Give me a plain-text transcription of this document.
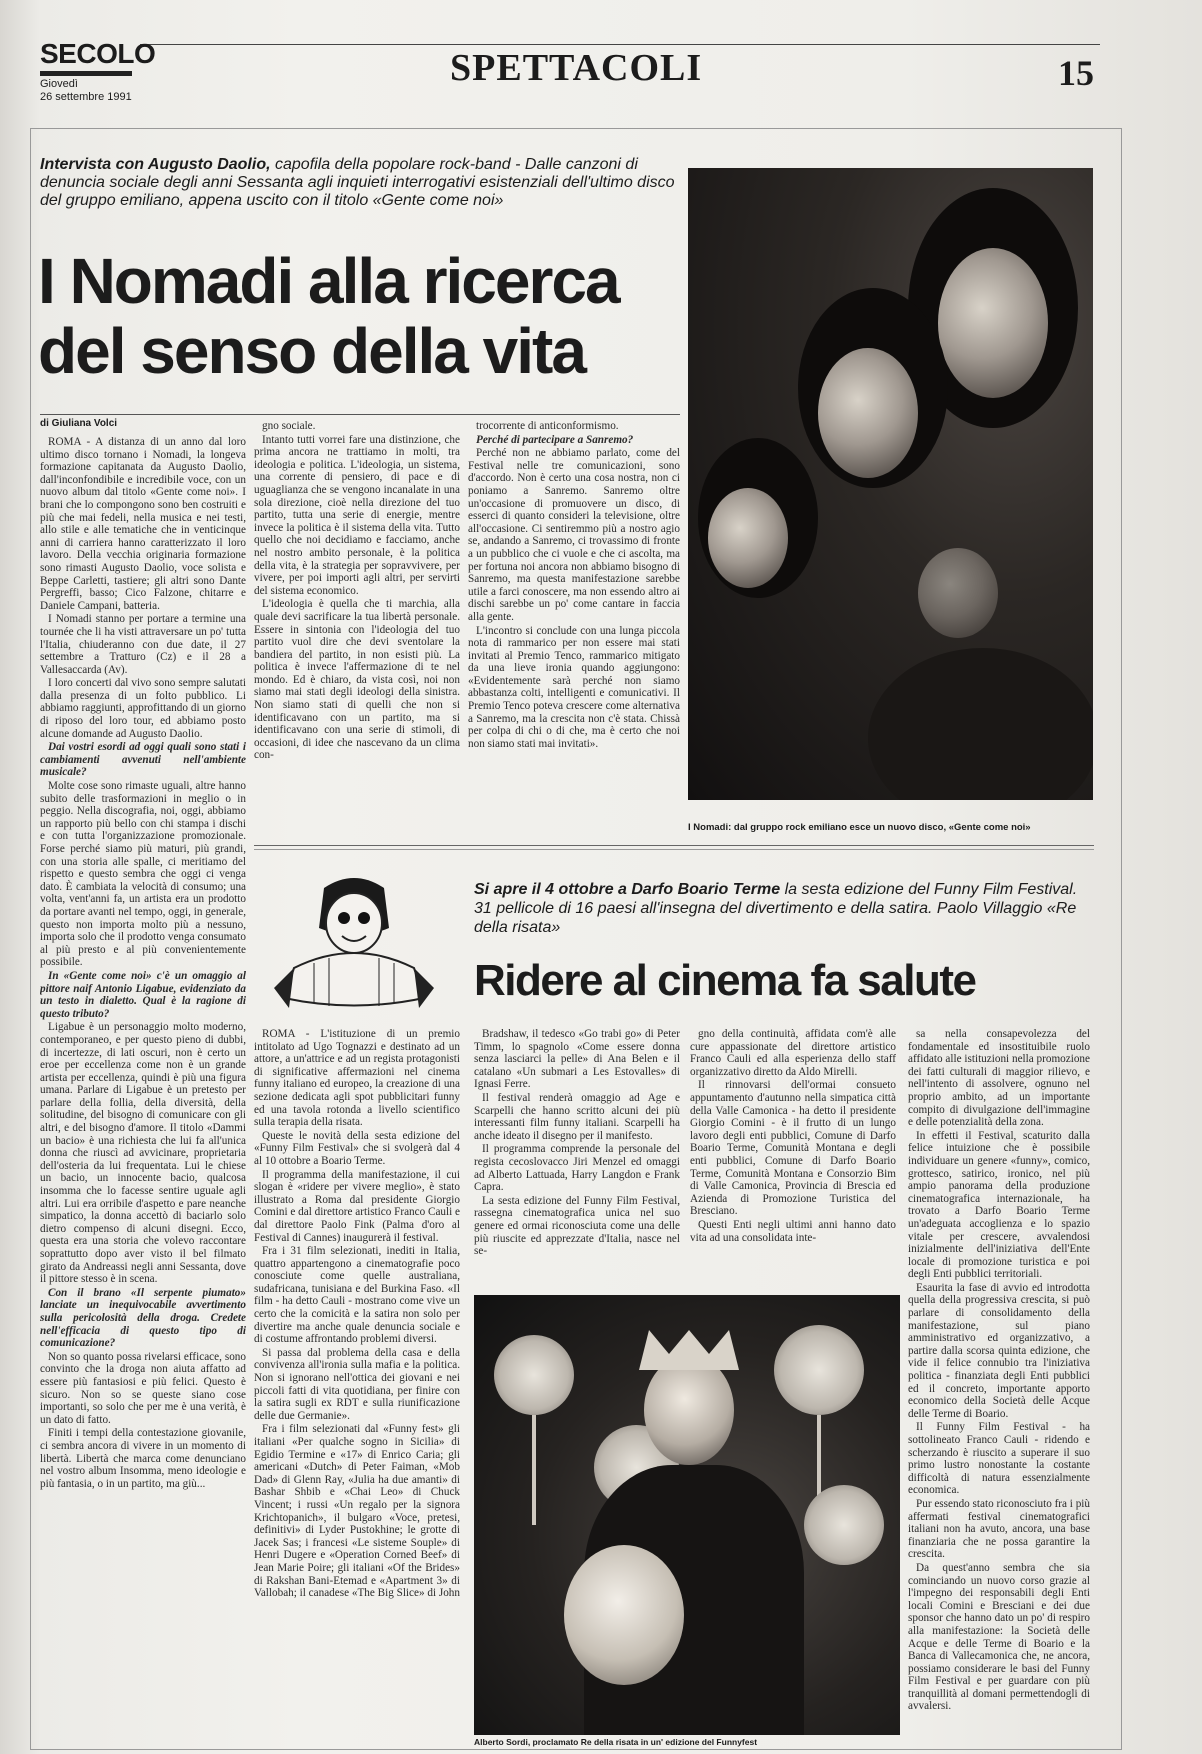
SECOLO
Giovedì
26 settembre 1991
SPETTACOLI	15
Intervista con Augusto Daolio, capofila della popolare rock-band - Dalle canzoni di denuncia sociale degli anni Sessanta agli inquieti interrogativi esistenziali dell'ultimo disco del gruppo emiliano, appena uscito con il titolo «Gente come noi»
I Nomadi alla ricerca
del senso della vita
di Giuliana Volci

ROMA - A distanza di un anno dal loro ultimo disco tornano i Nomadi, la longeva formazione capitanata da Augusto Daolio, dall'inconfondibile e incredibile voce, con un nuovo album dal titolo «Gente come noi». I brani che lo compongono sono ben costruiti e più che mai fedeli, nella musica e nei testi, allo stile e alle tematiche che in venticinque anni di carriera hanno caratterizzato il loro lavoro. Della vecchia originaria formazione sono rimasti Augusto Daolio, voce solista e Beppe Carletti, tastiere; gli altri sono Dante Pergreffi, basso; Cico Falzone, chitarre e Daniele Campani, batteria.

I Nomadi stanno per portare a termine una tournée che li ha visti attraversare un po' tutta l'Italia, chiuderanno con due date, il 27 settembre a Tratturo (Cz) e il 28 a Vallesaccarda (Av).

I loro concerti dal vivo sono sempre salutati dalla presenza di un folto pubblico. Li abbiamo raggiunti, approfittando di un giorno di riposo del loro tour, ed abbiamo posto alcune domande ad Augusto Daolio.

Dai vostri esordi ad oggi quali sono stati i cambiamenti avvenuti nell'ambiente musicale?

Molte cose sono rimaste uguali, altre hanno subito delle trasformazioni in meglio o in peggio. Nella discografia, noi, oggi, abbiamo un rapporto più bello con chi stampa i dischi e con tutta l'organizzazione promozionale. Forse perché siamo più maturi, più grandi, con una storia alle spalle, ci meritiamo del rispetto e questo sembra che oggi ci venga dato. È cambiata la velocità di consumo; una volta, vent'anni fa, un artista era un prodotto da portare avanti nel tempo, oggi, in generale, questo non importa molto più a nessuno, importa solo che il prodotto venga consumato al più presto e al più convenientemente possibile.

In «Gente come noi» c'è un omaggio al pittore naif Antonio Ligabue, evidenziato da un testo in dialetto. Qual è la ragione di questo tributo?

Ligabue è un personaggio molto moderno, contemporaneo, e per questo pieno di dubbi, di incertezze, di lati oscuri, non è certo un eroe per eccellenza come non è un grande artista per eccellenza, quindi è più una figura umana. Parlare di Ligabue è un pretesto per parlare della follia, della diversità, della solitudine, del bisogno di comunicare con gli altri, e del bisogno d'amore. Il titolo «Dammi un bacio» è una richiesta che lui fa all'unica donna che riuscì ad avvicinare, proprietaria dell'osteria da lui frequentata. Lui le chiese un bacio, un innocente bacio, qualcosa insomma che lo facesse sentire uguale agli altri. Lui era orribile d'aspetto e pare neanche simpatico, la donna accettò di baciarlo solo dietro compenso di alcuni disegni. Ecco, questa era una storia che volevo raccontare soprattutto dopo aver visto il bel filmato girato da Andreassi negli anni Sessanta, dove il pittore stesso è in scena.

Con il brano «Il serpente piumato» lanciate un inequivocabile avvertimento sulla pericolosità della droga. Credete nell'efficacia di questo tipo di comunicazione?

Non so quanto possa rivelarsi efficace, sono convinto che la droga non aiuta affatto ad essere più fantasiosi e più felici. Questo è sicuro. Non so se queste siano cose importanti, so solo che per me è una verità, è un dato di fatto.

Finiti i tempi della contestazione giovanile, ci sembra ancora di vivere in un momento di libertà. Libertà che marca come denunciano nel vostro album Insomma, meno ideologie e più fantasia, o in un partito, ma giù...

gno sociale.

Intanto tutti vorrei fare una distinzione, che prima ancora ne trattiamo in molti, tra ideologia e politica. L'ideologia, un sistema, una corrente di pensiero, di pace e di uguaglianza che se vengono incanalate in una sola direzione, cioè nella direzione del tuo partito, tutta una serie di energie, mentre invece la politica è il sistema della vita. Tutto quello che noi decidiamo e facciamo, anche nel nostro ambito personale, è la politica della vita, è la strategia per sopravvivere, per vivere, per poi importi agli altri, per servirti del sistema economico.

L'ideologia è quella che ti marchia, alla quale devi sacrificare la tua libertà personale. Essere in sintonia con l'ideologia del tuo partito vuol dire che devi sventolare la bandiera del partito, in non esisti più. La politica è invece l'affermazione di te nel mondo. Ed è chiaro, da vista così, noi non siamo mai stati degli ideologi della sinistra. Non siamo stati di quelli che non si identificavano con un partito, ma si identificavano con una serie di stimoli, di occasioni, di idee che nascevano da un clima con-

trocorrente di anticonformismo.

Perché di partecipare a Sanremo?

Perché non ne abbiamo parlato, come del Festival nelle tre comunicazioni, sono d'accordo. Non è certo una cosa nostra, non ci poniamo a Sanremo. Sanremo oltre un'occasione di promuovere un disco, di esserci di quanto consideri la televisione, oltre all'occasione. Ci sentiremmo più a nostro agio se, andando a Sanremo, ci trovassimo di fronte a un pubblico che ci vuole e che ci ascolta, ma per fortuna noi ancora non abbiamo bisogno di Sanremo, ma questa manifestazione sarebbe utile a farci conoscere, ma non essendo altro ai dischi sarebbe un po' come cantare in faccia alla gente.

L'incontro si conclude con una lunga piccola nota di rammarico per non essere mai stati invitati al Premio Tenco, rammarico mitigato da una lieve ironia quando aggiungono: «Evidentemente sarà perché non siamo abbastanza colti, intelligenti e comunicativi. Il Premio Tenco poteva crescere come alternativa a Sanremo, ma la crescita non c'è stata. Chissà per colpa di chi o di che, ma è certo che noi non siamo stati mai invitati».

I Nomadi: dal gruppo rock emiliano esce un nuovo disco, «Gente come noi»
Si apre il 4 ottobre a Darfo Boario Terme la sesta edizione del Funny Film Festival. 31 pellicole di 16 paesi all'insegna del divertimento e della satira. Paolo Villaggio «Re della risata»
Ridere al cinema fa salute

ROMA - L'istituzione di un premio intitolato ad Ugo Tognazzi e destinato ad un attore, a un'attrice e ad un regista protagonisti di significative affermazioni nel cinema funny italiano ed europeo, la creazione di una sezione dedicata agli spot pubblicitari funny ed una tavola rotonda a livello scientifico sulla terapia della risata.

Queste le novità della sesta edizione del «Funny Film Festival» che si svolgerà dal 4 al 10 ottobre a Boario Terme.

Il programma della manifestazione, il cui slogan è «ridere per vivere meglio», è stato illustrato a Roma dal presidente Giorgio Comini e dal direttore artistico Franco Cauli e dal direttore Paolo Fink (Palma d'oro al Festival di Cannes) inaugurerà il festival.

Fra i 31 film selezionati, inediti in Italia, quattro appartengono a cinematografie poco conosciute come quelle australiana, sudafricana, tunisiana e del Burkina Faso. «Il film - ha detto Cauli - mostrano come vive un certo che la comicità e la satira non solo per divertire ma anche quale denuncia sociale e di costume affrontando problemi diversi.

Si passa dal problema della casa e della convivenza all'ironia sulla mafia e la politica. Non si ignorano nell'ottica dei giovani e nei piccoli fatti di vita quotidiana, per finire con la satira sugli ex RDT e sulla riunificazione delle due Germanie».

Fra i film selezionati dal «Funny fest» gli italiani «Per qualche sogno in Sicilia» di Egidio Termine e «17» di Enrico Caria; gli americani «Dutch» di Peter Faiman, «Mob Dad» di Glenn Ray, «Julia ha due amanti» di Bashar Shbib e «Chai Leo» di Chuck Vincent; i russi «Un regalo per la signora Krichtopanich», il bulgaro «Voce, pretesi, definitivi» di Lyder Pustokhine; le grotte di Jacek Sas; i francesi «Le sisteme Souple» di Henri Dugere e «Operation Corned Beef» di Jean Marie Poire; gli italiani «Of the Brides» di Rakshan Bani-Etemad e «Apartment 3» di Vallobah; il canadese «The Big Slice» di John

Bradshaw, il tedesco «Go trabi go» di Peter Timm, lo spagnolo «Come essere donna senza lasciarci la pelle» di Ana Belen e il catalano «Un submari a Les Estovalles» di Ignasi Ferre.

Il festival renderà omaggio ad Age e Scarpelli che hanno scritto alcuni dei più interessanti film funny italiani. Scarpelli ha anche ideato il disegno per il manifesto.

Il programma comprende la personale del regista cecoslovacco Jiri Menzel ed omaggi ad Alberto Lattuada, Harry Langdon e Frank Capra.

La sesta edizione del Funny Film Festival, rassegna cinematografica unica nel suo genere ed ormai riconosciuta come una delle più riuscite ed apprezzate d'Italia, nasce nel se-

gno della continuità, affidata com'è alle cure appassionate del direttore artistico Franco Cauli ed alla esperienza dello staff organizzativo diretto da Aldo Mirelli.

Il rinnovarsi dell'ormai consueto appuntamento d'autunno nella simpatica città della Valle Camonica - ha detto il presidente Giorgio Comini - è il frutto di un lungo lavoro degli enti pubblici, Comune di Darfo Boario Terme, Comunità Montana e degli enti pubblici, Comune di Darfo Boario Terme, Comunità Montana e Consorzio Bim di Valle Camonica, Provincia di Brescia ed Azienda di Promozione Turistica del Bresciano.

Questi Enti negli ultimi anni hanno dato vita ad una consolidata inte-

sa nella consapevolezza del fondamentale ed insostituibile ruolo affidato alle istituzioni nella promozione dei fatti culturali di maggior rilievo, e nell'intento di assolvere, ognuno nel proprio ambito, ad un importante compito di divulgazione dell'immagine e delle potenzialità della zona.

In effetti il Festival, scaturito dalla felice intuizione che è possibile individuare un genere «funny», comico, grottesco, satirico, ironico, nel più ampio panorama della produzione cinematografica internazionale, ha trovato a Darfo Boario Terme un'adeguata accoglienza e lo spazio vitale per crescere, avvalendosi inizialmente dell'iniziativa dell'Ente locale di promozione turistica e poi degli Enti pubblici territoriali.

Esaurita la fase di avvio ed introdotta quella della progressiva crescita, si può parlare di consolidamento della manifestazione, sul piano amministrativo ed organizzativo, a partire dalla scorsa quinta edizione, che vide il felice connubio tra l'iniziativa politica - finanziata degli Enti pubblici ed il concreto, importante apporto economico della Società delle Acque delle Terme di Boario.

Il Funny Film Festival - ha sottolineato Franco Cauli - ridendo e scherzando è riuscito a superare il suo primo lustro nonostante la costante difficoltà di natura essenzialmente economica.

Pur essendo stato riconosciuto fra i più affermati festival cinematografici italiani non ha avuto, ancora, una base finanziaria che ne possa garantire la crescita.

Da quest'anno sembra che sia cominciando un nuovo corso grazie al l'impegno dei responsabili degli Enti locali Comini e Bresciani e dei due sponsor che hanno dato un po' di respiro alla manifestazione: la Società delle Acque e delle Terme di Boario e la Banca di Vallecamonica che, ne ancora, possiamo considerare le basi del Funny Film Festival e per guardare con più tranquillità al domani permettendogli di avvalersi.

Alberto Sordi, proclamato Re della risata in un' edizione del Funnyfest
